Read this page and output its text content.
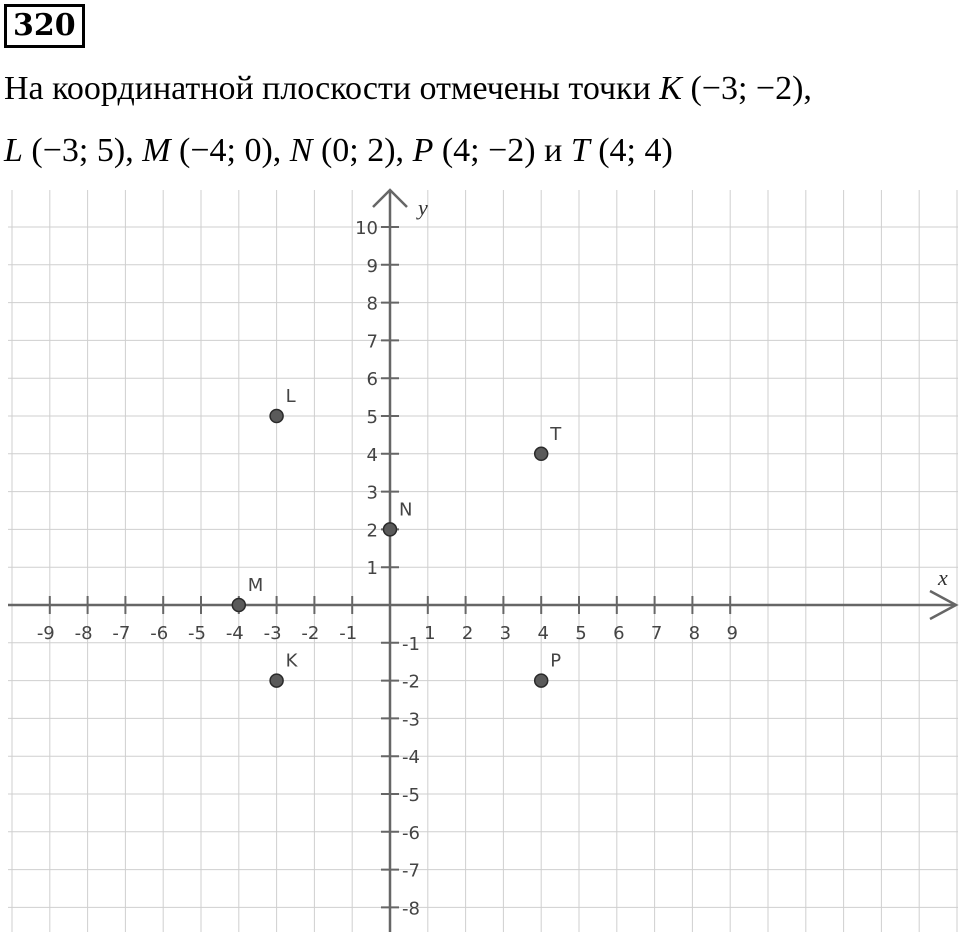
320
На координатной плоскости отмечены точки K (−3; −2),
L (−3; 5), M (−4; 0), N (0; 2), P (4; −2) и T (4; 4)
-9 -8 -7 -6 -5 -4 -3 -2 -1	1 2 3 4 5 6 7 8 9
10
9
8
7
6
5
4
3
2
1
-1
-2
-3
-4
-5
-6
-7
-8
K
L
M
N
P
T
x
y
